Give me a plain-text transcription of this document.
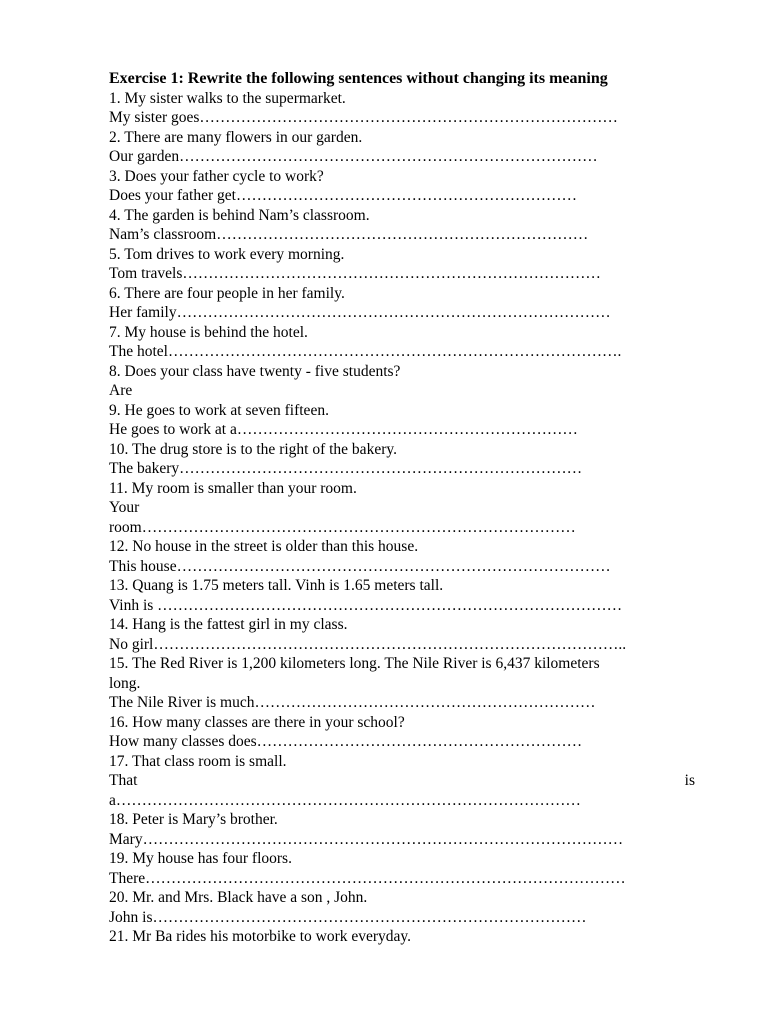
Exercise 1: Rewrite the following sentences without changing its meaning
1. My sister walks to the supermarket.
My sister goes………………………………………………………………………
2. There are many flowers in our garden.
Our garden………………………………………………………………………
3. Does your father cycle to work?
Does your father get…………………………………………………………
4. The garden is behind Nam’s classroom.
Nam’s classroom………………………………………………………………
5. Tom drives to work every morning.
Tom travels………………………………………………………………………
6. There are four people in her family.
Her family…………………………………………………………………………
7. My house is behind the hotel.
The hotel…………………………………………………………………………….
8. Does your class have twenty - five students?
Are
9. He goes to work at seven fifteen.
He goes to work at a…………………………………………………………
10. The drug store is to the right of the bakery.
The bakery……………………………………………………………………
11. My room is smaller than your room.
Your
room…………………………………………………………………………
12. No house in the street is older than this house.
This house…………………………………………………………………………
13. Quang is 1.75 meters tall. Vinh is 1.65 meters tall.
Vinh is ………………………………………………………………………………
14. Hang is the fattest girl in my class.
No girl………………………………………………………………………………..
15. The Red River is 1,200 kilometers long. The Nile River is 6,437 kilometers
long.
The Nile River is much…………………………………………………………
16. How many classes are there in your school?
How many classes does………………………………………………………
17. That class room is small.
That	is
a………………………………………………………………………………
18. Peter is Mary’s brother.
Mary…………………………………………………………………………………
19. My house has four floors.
There…………………………………………………………………………………
20. Mr. and Mrs. Black have a son , John.
John is…………………………………………………………………………
21. Mr Ba rides his motorbike to work everyday.
